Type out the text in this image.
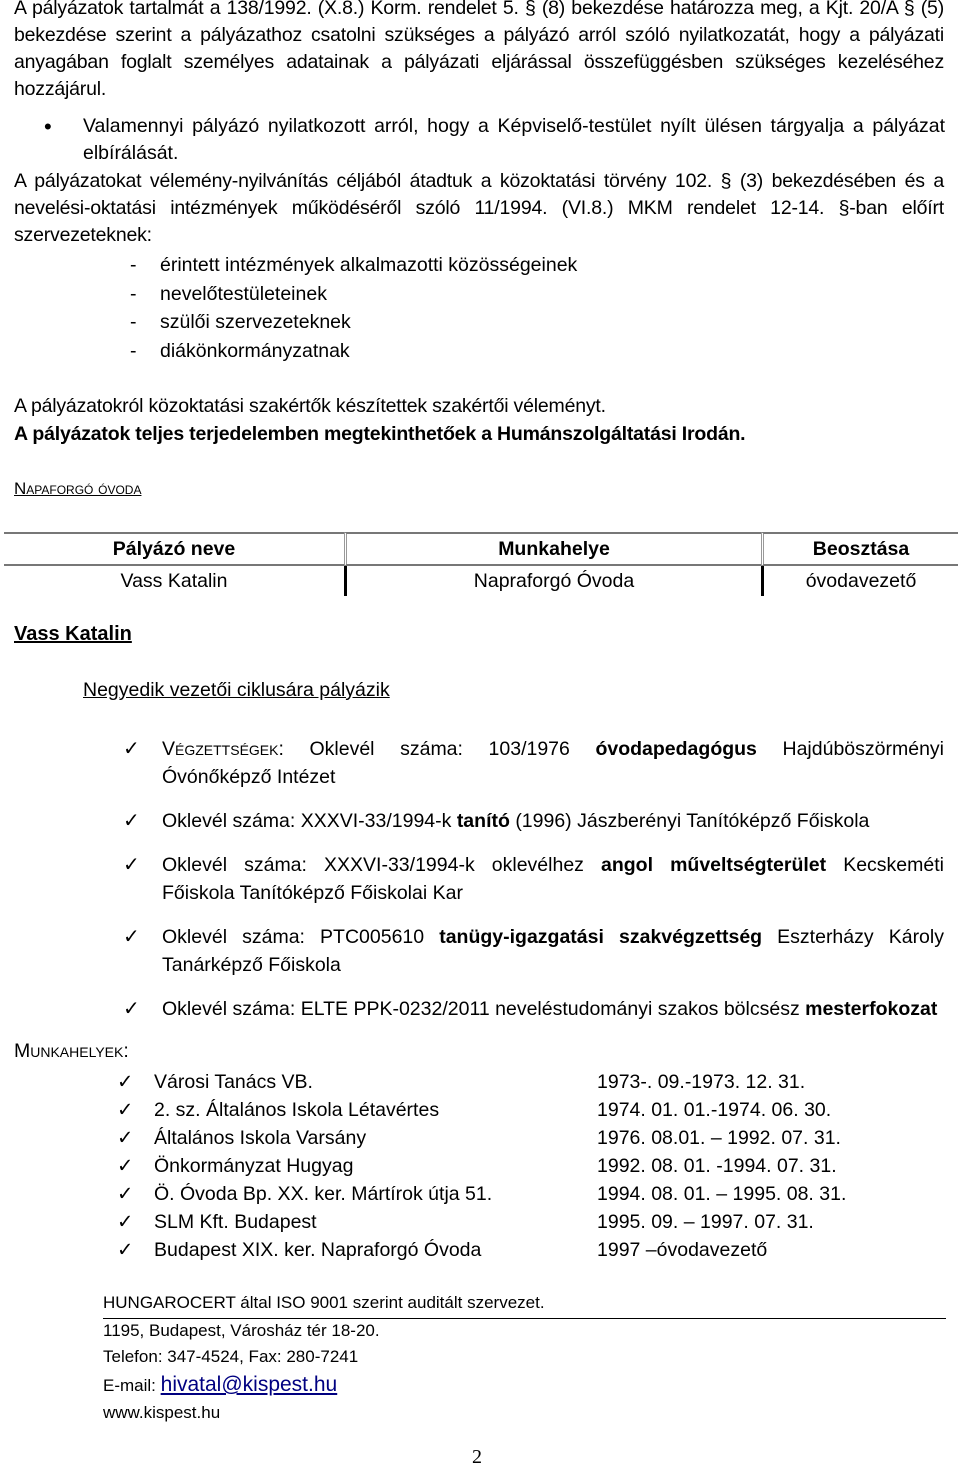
A pályázatok tartalmát a 138/1992. (X.8.) Korm. rendelet 5. § (8) bekezdése határozza meg, a Kjt. 20/A § (5) bekezdése szerint a pályázathoz csatolni szükséges a pályázó arról szóló nyilatkozatát, hogy a pályázati anyagában foglalt személyes adatainak a pályázati eljárással összefüggésben szükséges kezeléséhez hozzájárul.

• Valamennyi pályázó nyilatkozott arról, hogy a Képviselő-testület nyílt ülésen tárgyalja a pályázat elbírálását.

A pályázatokat vélemény-nyilvánítás céljából átadtuk a közoktatási törvény 102. § (3) bekezdésében és a nevelési-oktatási intézmények működéséről szóló 11/1994. (VI.8.) MKM rendelet 12-14. §-ban előírt szervezeteknek:

- érintett intézmények alkalmazotti közösségeinek
- nevelőtestületeinek
- szülői szervezeteknek
- diákönkormányzatnak

A pályázatokról közoktatási szakértők készítettek szakértői véleményt.

A pályázatok teljes terjedelemben megtekinthetőek a Humánszolgáltatási Irodán.

Napaforgó óvoda
Pályázó neve	Munkahelye	Beosztása
Vass Katalin	Napraforgó Óvoda	óvodavezető
Vass Katalin
Negyedik vezetői ciklusára pályázik
✓ Végzettségek: Oklevél száma: 103/1976 óvodapedagógus Hajdúböszörményi Óvónőképző Intézet

✓ Oklevél száma: XXXVI-33/1994-k tanító (1996) Jászberényi Tanítóképző Főiskola

✓ Oklevél száma: XXXVI-33/1994-k oklevélhez angol műveltségterület Kecskeméti Főiskola Tanítóképző Főiskolai Kar

✓ Oklevél száma: PTC005610 tanügy-igazgatási szakvégzettség Eszterházy Károly Tanárképző Főiskola

✓ Oklevél száma: ELTE PPK-0232/2011 neveléstudományi szakos bölcsész mesterfokozat

Munkahelyek:
✓ Városi Tanács VB.	1973-. 09.-1973. 12. 31.
✓ 2. sz. Általános Iskola Létavértes	1974. 01. 01.-1974. 06. 30.
✓ Általános Iskola Varsány	1976. 08.01. – 1992. 07. 31.
✓ Önkormányzat Hugyag	1992. 08. 01. -1994. 07. 31.
✓ Ö. Óvoda Bp. XX. ker. Mártírok útja 51.	1994. 08. 01. – 1995. 08. 31.
✓ SLM Kft. Budapest	1995. 09. – 1997. 07. 31.
✓ Budapest XIX. ker. Napraforgó Óvoda	1997 –óvodavezető
HUNGAROCERT által ISO 9001 szerint auditált szervezet.
1195, Budapest, Városház tér 18-20.
Telefon: 347-4524, Fax: 280-7241
E-mail: hivatal@kispest.hu
www.kispest.hu
2
